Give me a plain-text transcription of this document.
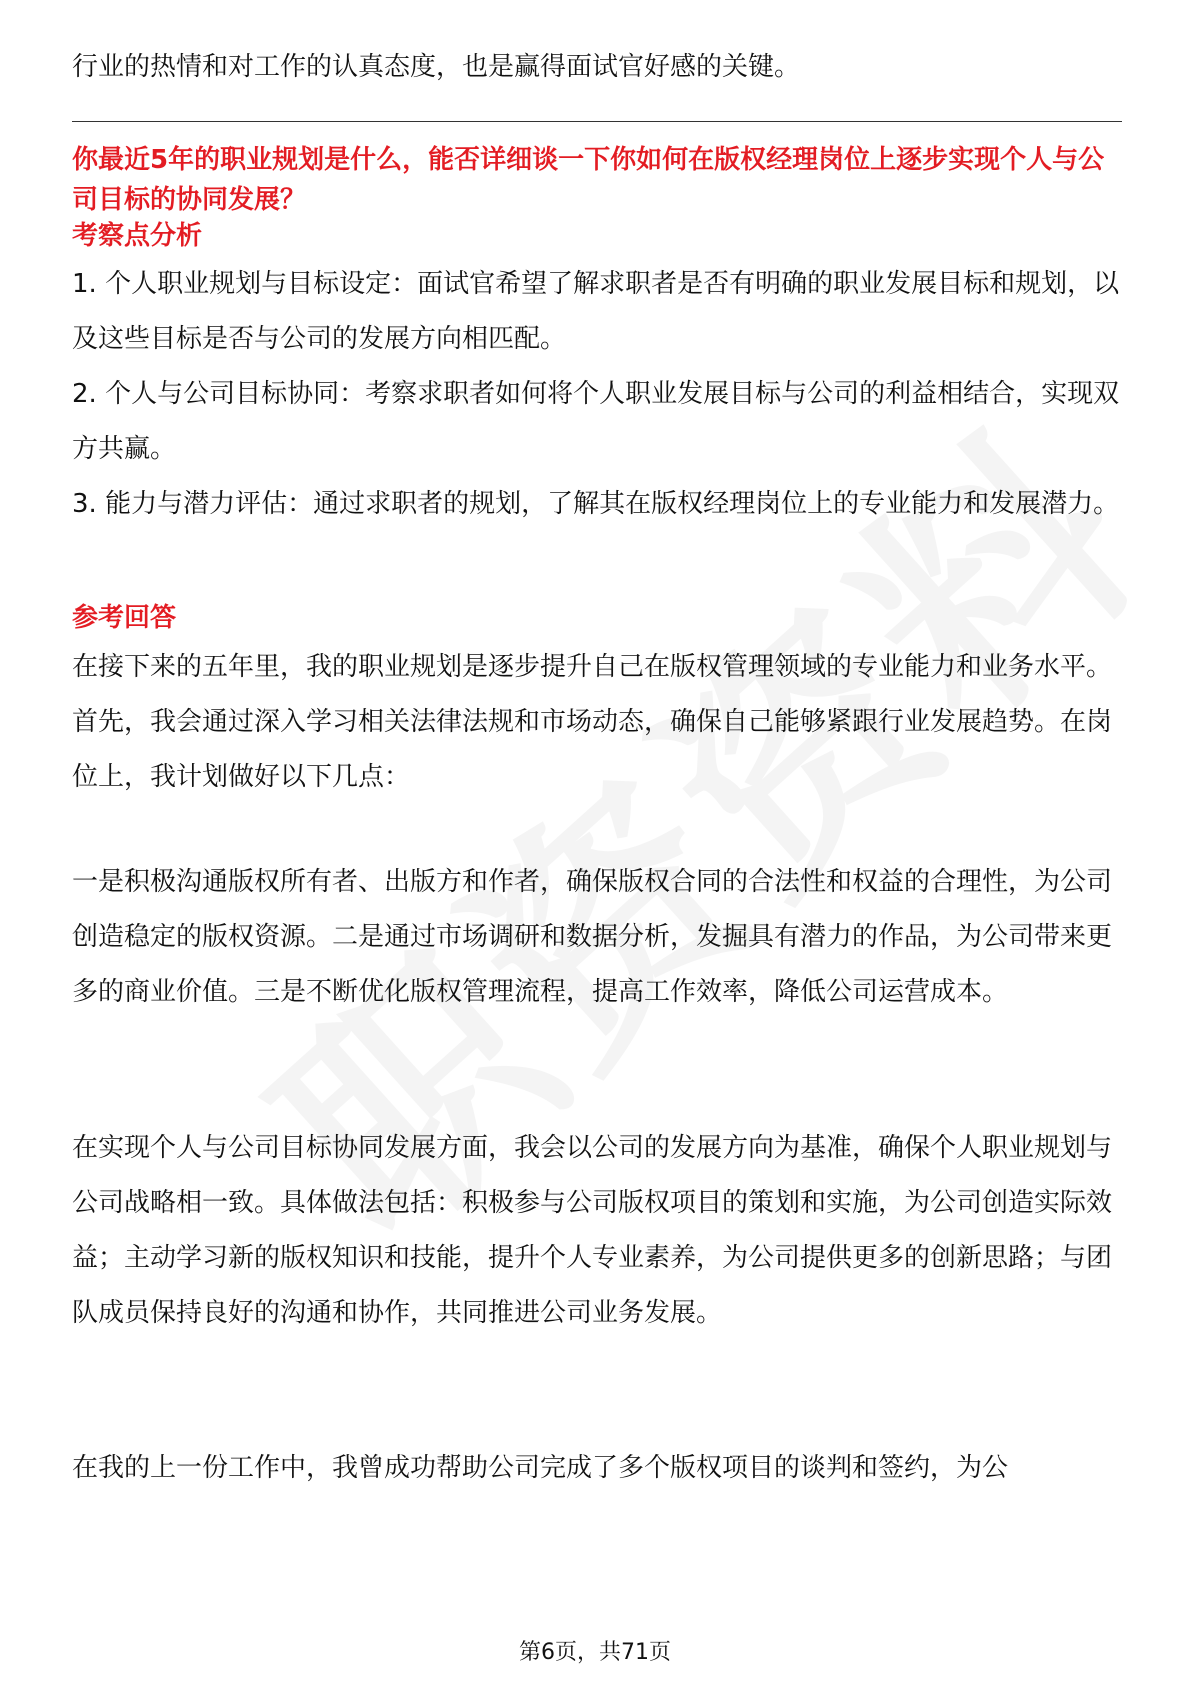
行业的热情和对工作的认真态度，也是赢得面试官好感的关键。

你最近5年的职业规划是什么，能否详细谈一下你如何在版权经理岗位上逐步实现个人与公司目标的协同发展？

考察点分析

1. 个人职业规划与目标设定：面试官希望了解求职者是否有明确的职业发展目标和规划，以及这些目标是否与公司的发展方向相匹配。

2. 个人与公司目标协同：考察求职者如何将个人职业发展目标与公司的利益相结合，实现双方共赢。

3. 能力与潜力评估：通过求职者的规划，了解其在版权经理岗位上的专业能力和发展潜力。

参考回答

在接下来的五年里，我的职业规划是逐步提升自己在版权管理领域的专业能力和业务水平。首先，我会通过深入学习相关法律法规和市场动态，确保自己能够紧跟行业发展趋势。在岗位上，我计划做好以下几点：

一是积极沟通版权所有者、出版方和作者，确保版权合同的合法性和权益的合理性，为公司创造稳定的版权资源。二是通过市场调研和数据分析，发掘具有潜力的作品，为公司带来更多的商业价值。三是不断优化版权管理流程，提高工作效率，降低公司运营成本。

在实现个人与公司目标协同发展方面，我会以公司的发展方向为基准，确保个人职业规划与公司战略相一致。具体做法包括：积极参与公司版权项目的策划和实施，为公司创造实际效益；主动学习新的版权知识和技能，提升个人专业素养，为公司提供更多的创新思路；与团队成员保持良好的沟通和协作，共同推进公司业务发展。

在我的上一份工作中，我曾成功帮助公司完成了多个版权项目的谈判和签约，为公

第6页，共71页
